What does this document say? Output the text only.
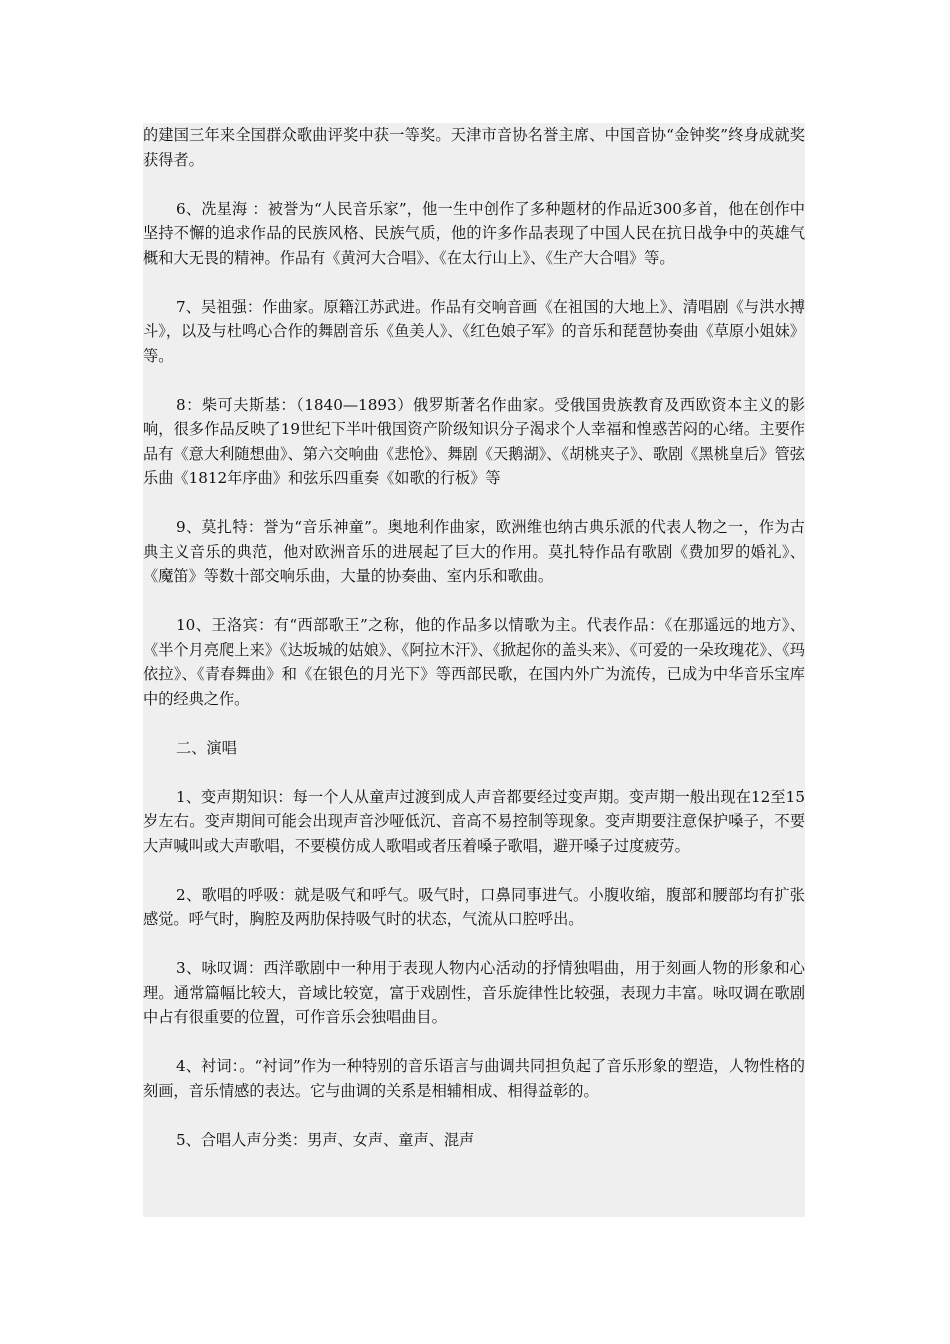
的建国三年来全国群众歌曲评奖中获一等奖。天津市音协名誉主席、中国音协“金钟奖”终身成就奖获得者。

6、冼星海 ：被誉为“人民音乐家”，他一生中创作了多种题材的作品近300多首，他在创作中坚持不懈的追求作品的民族风格、民族气质，他的许多作品表现了中国人民在抗日战争中的英雄气概和大无畏的精神。作品有《黄河大合唱》、《在太行山上》、《生产大合唱》等。

7、吴祖强：作曲家。原籍江苏武进。作品有交响音画《在祖国的大地上》、清唱剧《与洪水搏斗》，以及与杜鸣心合作的舞剧音乐《鱼美人》、《红色娘子军》的音乐和琵琶协奏曲《草原小姐妹》等。

8：柴可夫斯基：（1840—1893）俄罗斯著名作曲家。受俄国贵族教育及西欧资本主义的影响，很多作品反映了19世纪下半叶俄国资产阶级知识分子渴求个人幸福和惶惑苦闷的心绪。主要作品有《意大利随想曲》、第六交响曲《悲怆》、舞剧《天鹅湖》、《胡桃夹子》、歌剧《黑桃皇后》管弦乐曲《1812年序曲》和弦乐四重奏《如歌的行板》等

9、莫扎特：誉为“音乐神童”。奥地利作曲家，欧洲维也纳古典乐派的代表人物之一，作为古典主义音乐的典范，他对欧洲音乐的进展起了巨大的作用。莫扎特作品有歌剧《费加罗的婚礼》、《魔笛》等数十部交响乐曲，大量的协奏曲、室内乐和歌曲。

10、王洛宾：有“西部歌王”之称，他的作品多以情歌为主。代表作品：《在那遥远的地方》、《半个月亮爬上来》《达坂城的姑娘》、《阿拉木汗》、《掀起你的盖头来》、《可爱的一朵玫瑰花》、《玛依拉》、《青春舞曲》和《在银色的月光下》等西部民歌，在国内外广为流传，已成为中华音乐宝库中的经典之作。

二、演唱

1、变声期知识：每一个人从童声过渡到成人声音都要经过变声期。变声期一般出现在12至15岁左右。变声期间可能会出现声音沙哑低沉、音高不易控制等现象。变声期要注意保护嗓子，不要大声喊叫或大声歌唱，不要模仿成人歌唱或者压着嗓子歌唱，避开嗓子过度疲劳。

2、歌唱的呼吸：就是吸气和呼气。吸气时，口鼻同事进气。小腹收缩，腹部和腰部均有扩张感觉。呼气时，胸腔及两肋保持吸气时的状态，气流从口腔呼出。

3、咏叹调：西洋歌剧中一种用于表现人物内心活动的抒情独唱曲，用于刻画人物的形象和心理。通常篇幅比较大，音域比较宽，富于戏剧性，音乐旋律性比较强，表现力丰富。咏叹调在歌剧中占有很重要的位置，可作音乐会独唱曲目。

4、衬词：。“衬词”作为一种特别的音乐语言与曲调共同担负起了音乐形象的塑造，人物性格的刻画，音乐情感的表达。它与曲调的关系是相辅相成、相得益彰的。

5、合唱人声分类：男声、女声、童声、混声
